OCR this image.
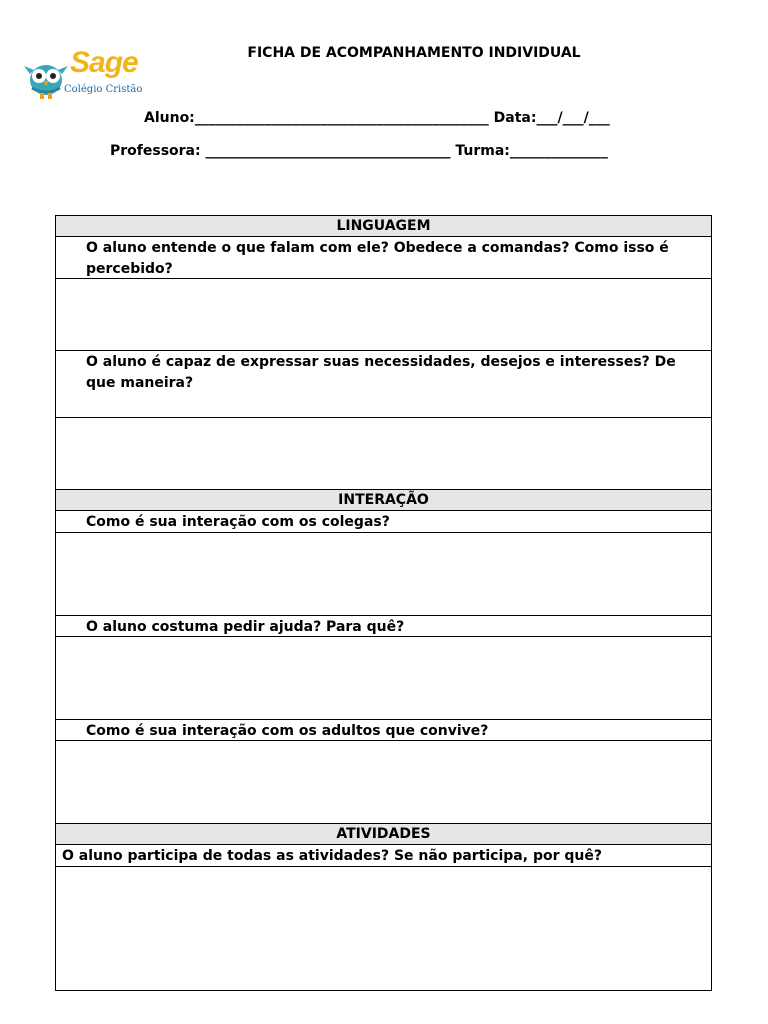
Sage
Colégio Cristão
FICHA DE ACOMPANHAMENTO INDIVIDUAL
Aluno:__________________________________________ Data:___/___/___
Professora: ___________________________________ Turma:______________
LINGUAGEM
O aluno entende o que falam com ele? Obedece a comandas? Como isso é percebido?
O aluno é capaz de expressar suas necessidades, desejos e interesses? De que maneira?
INTERAÇÃO
Como é sua interação com os colegas?
O aluno costuma pedir ajuda? Para quê?
Como é sua interação com os adultos que convive?
ATIVIDADES
O aluno participa de todas as atividades? Se não participa, por quê?
